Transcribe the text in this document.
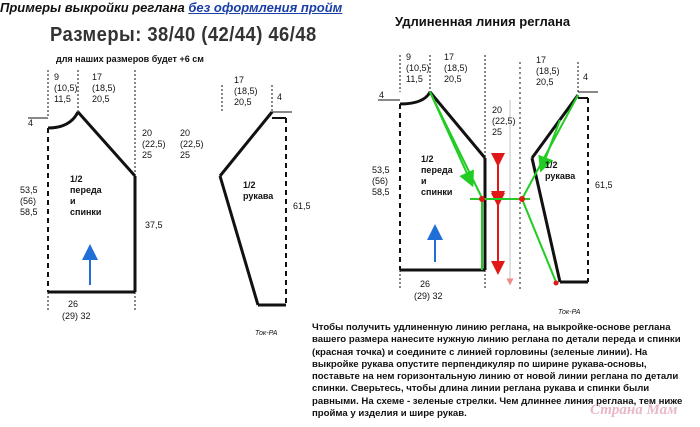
Примеры выкройки реглана без оформления пройм
Размеры: 38/40 (42/44) 46/48
для наших размеров будет +6 см
Удлиненная линия реглана
9
(10,5)
11,5
17
(18,5)
20,5
4
20
(22,5)
25
53,5
(56)
58,5
1/2
переда
и
спинки
37,5
26
(29) 32
17
(18,5)
20,5	4
20
(22,5)
25
1/2
рукава
61,5
Ток-РА
9
(10,5)
11,5
17
(18,5)
20,5
4
20
(22,5)
25
53,5
(56)
58,5
1/2
переда
и
спинки
26
(29) 32
17
(18,5)
20,5	4
1/2
рукава
61,5
Ток-РА
Чтобы получить удлиненную линию реглана, на выкройке-основе реглана вашего размера нанесите нужную линию реглана по детали переда и спинки (красная точка) и соедините с линией горловины (зеленые линии). На выкройке рукава опустите перпендикуляр по ширине рукава-основы, поставьте на нем горизонтальную линию от новой линии реглана по детали спинки. Сверьтесь, чтобы длина линии реглана рукава и спинки были равными. На схеме - зеленые стрелки. Чем длиннее линия реглана, тем ниже пройма у изделия и шире рукав.	Страна Мам
